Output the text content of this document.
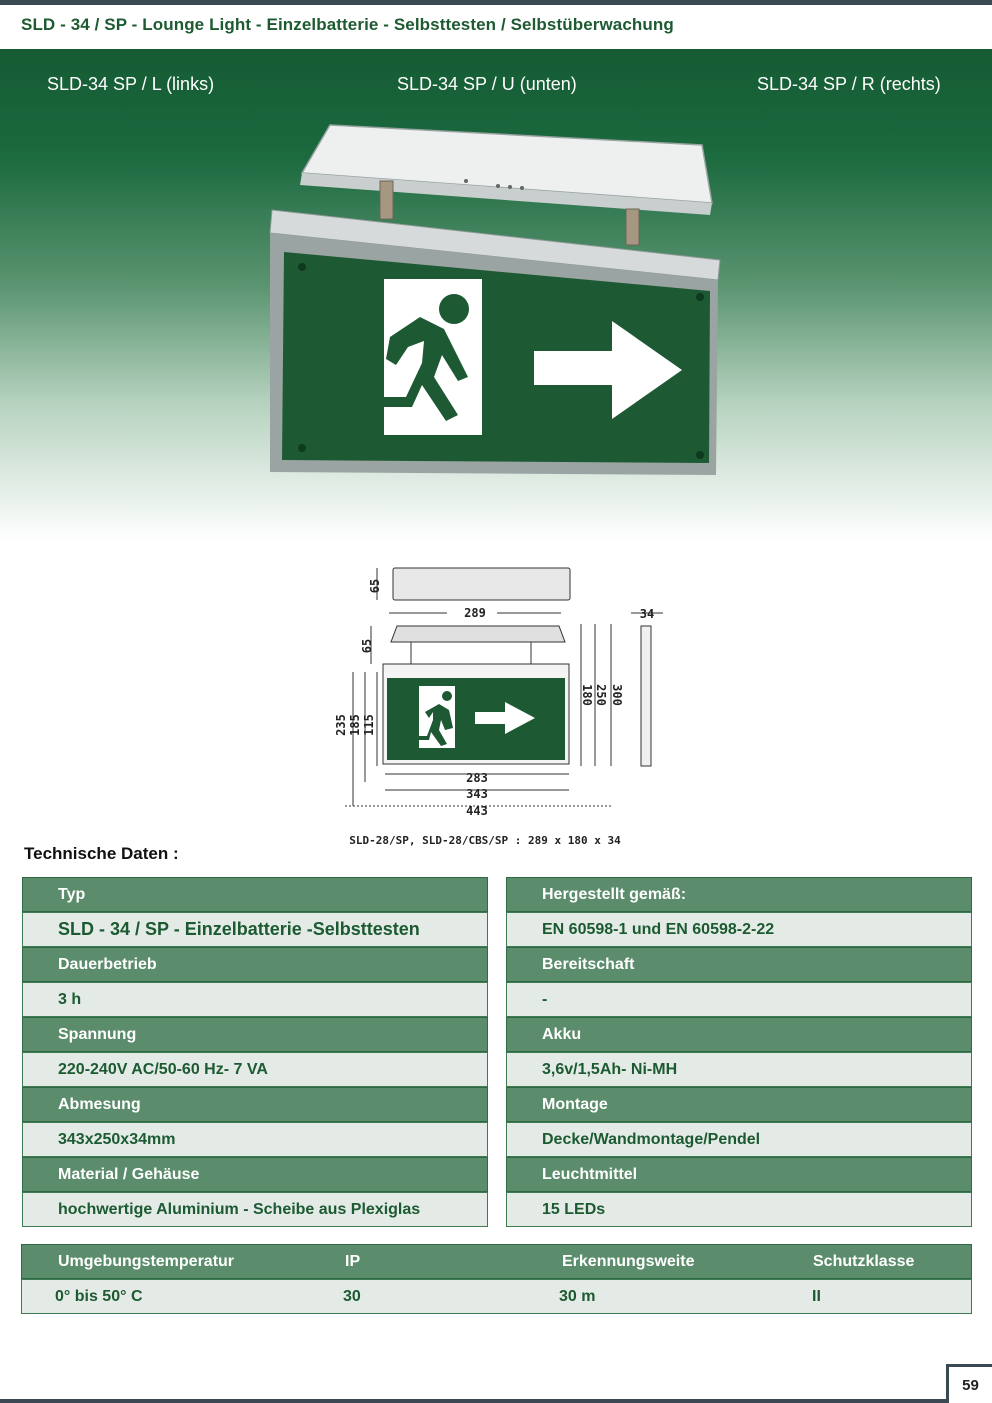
SLD - 34 / SP - Lounge Light - Einzelbatterie - Selbsttesten / Selbstüberwachung
SLD-34 SP / L (links)	SLD-34 SP / U (unten)	SLD-34 SP / R (rechts)
65
289	34
65
235 185 115
180 250 300
283
343
443
SLD-28/SP, SLD-28/CBS/SP : 289 x 180 x 34
Technische Daten :
Typ
SLD - 34 / SP - Einzelbatterie -Selbsttesten
Dauerbetrieb
3 h
Spannung
220-240V AC/50-60 Hz- 7 VA
Abmesung
343x250x34mm
Material / Gehäuse
hochwertige Aluminium - Scheibe aus Plexiglas
Hergestellt gemäß:
EN 60598-1 und EN 60598-2-22
Bereitschaft
-
Akku
3,6v/1,5Ah- Ni-MH
Montage
Decke/Wandmontage/Pendel
Leuchtmittel
15 LEDs
Umgebungstemperatur	IP	Erkennungsweite	Schutzklasse
0° bis 50° C	30	30 m	II
59
